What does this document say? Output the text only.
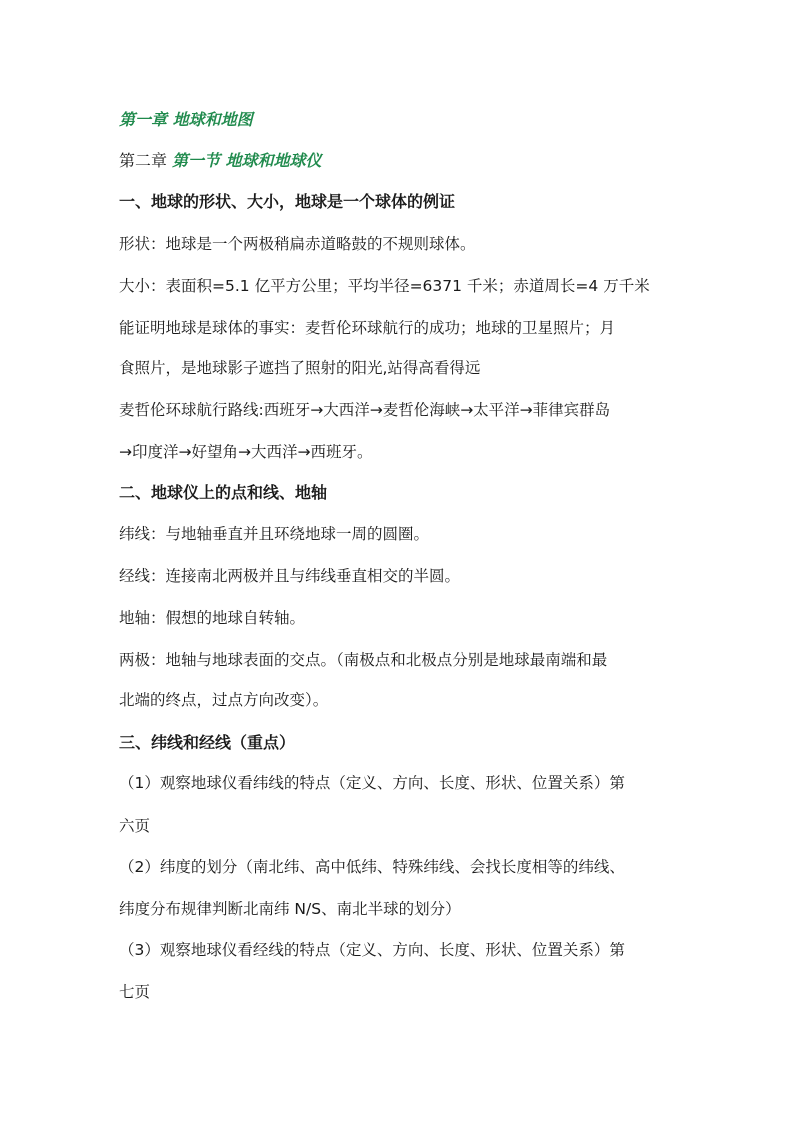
第一章 地球和地图
第二章 第一节 地球和地球仪
一、地球的形状、大小，地球是一个球体的例证
形状：地球是一个两极稍扁赤道略鼓的不规则球体。
大小：表面积=5.1 亿平方公里；平均半径=6371 千米；赤道周长=4 万千米
能证明地球是球体的事实：麦哲伦环球航行的成功；地球的卫星照片；月
食照片，是地球影子遮挡了照射的阳光,站得高看得远
麦哲伦环球航行路线:西班牙→大西洋→麦哲伦海峡→太平洋→菲律宾群岛
→印度洋→好望角→大西洋→西班牙。
二、地球仪上的点和线、地轴
纬线：与地轴垂直并且环绕地球一周的圆圈。
经线：连接南北两极并且与纬线垂直相交的半圆。
地轴：假想的地球自转轴。
两极：地轴与地球表面的交点。（南极点和北极点分别是地球最南端和最
北端的终点，过点方向改变）。
三、纬线和经线（重点）
（1）观察地球仪看纬线的特点（定义、方向、长度、形状、位置关系）第
六页
（2）纬度的划分（南北纬、高中低纬、特殊纬线、会找长度相等的纬线、
纬度分布规律判断北南纬 N/S、南北半球的划分）
（3）观察地球仪看经线的特点（定义、方向、长度、形状、位置关系）第
七页
